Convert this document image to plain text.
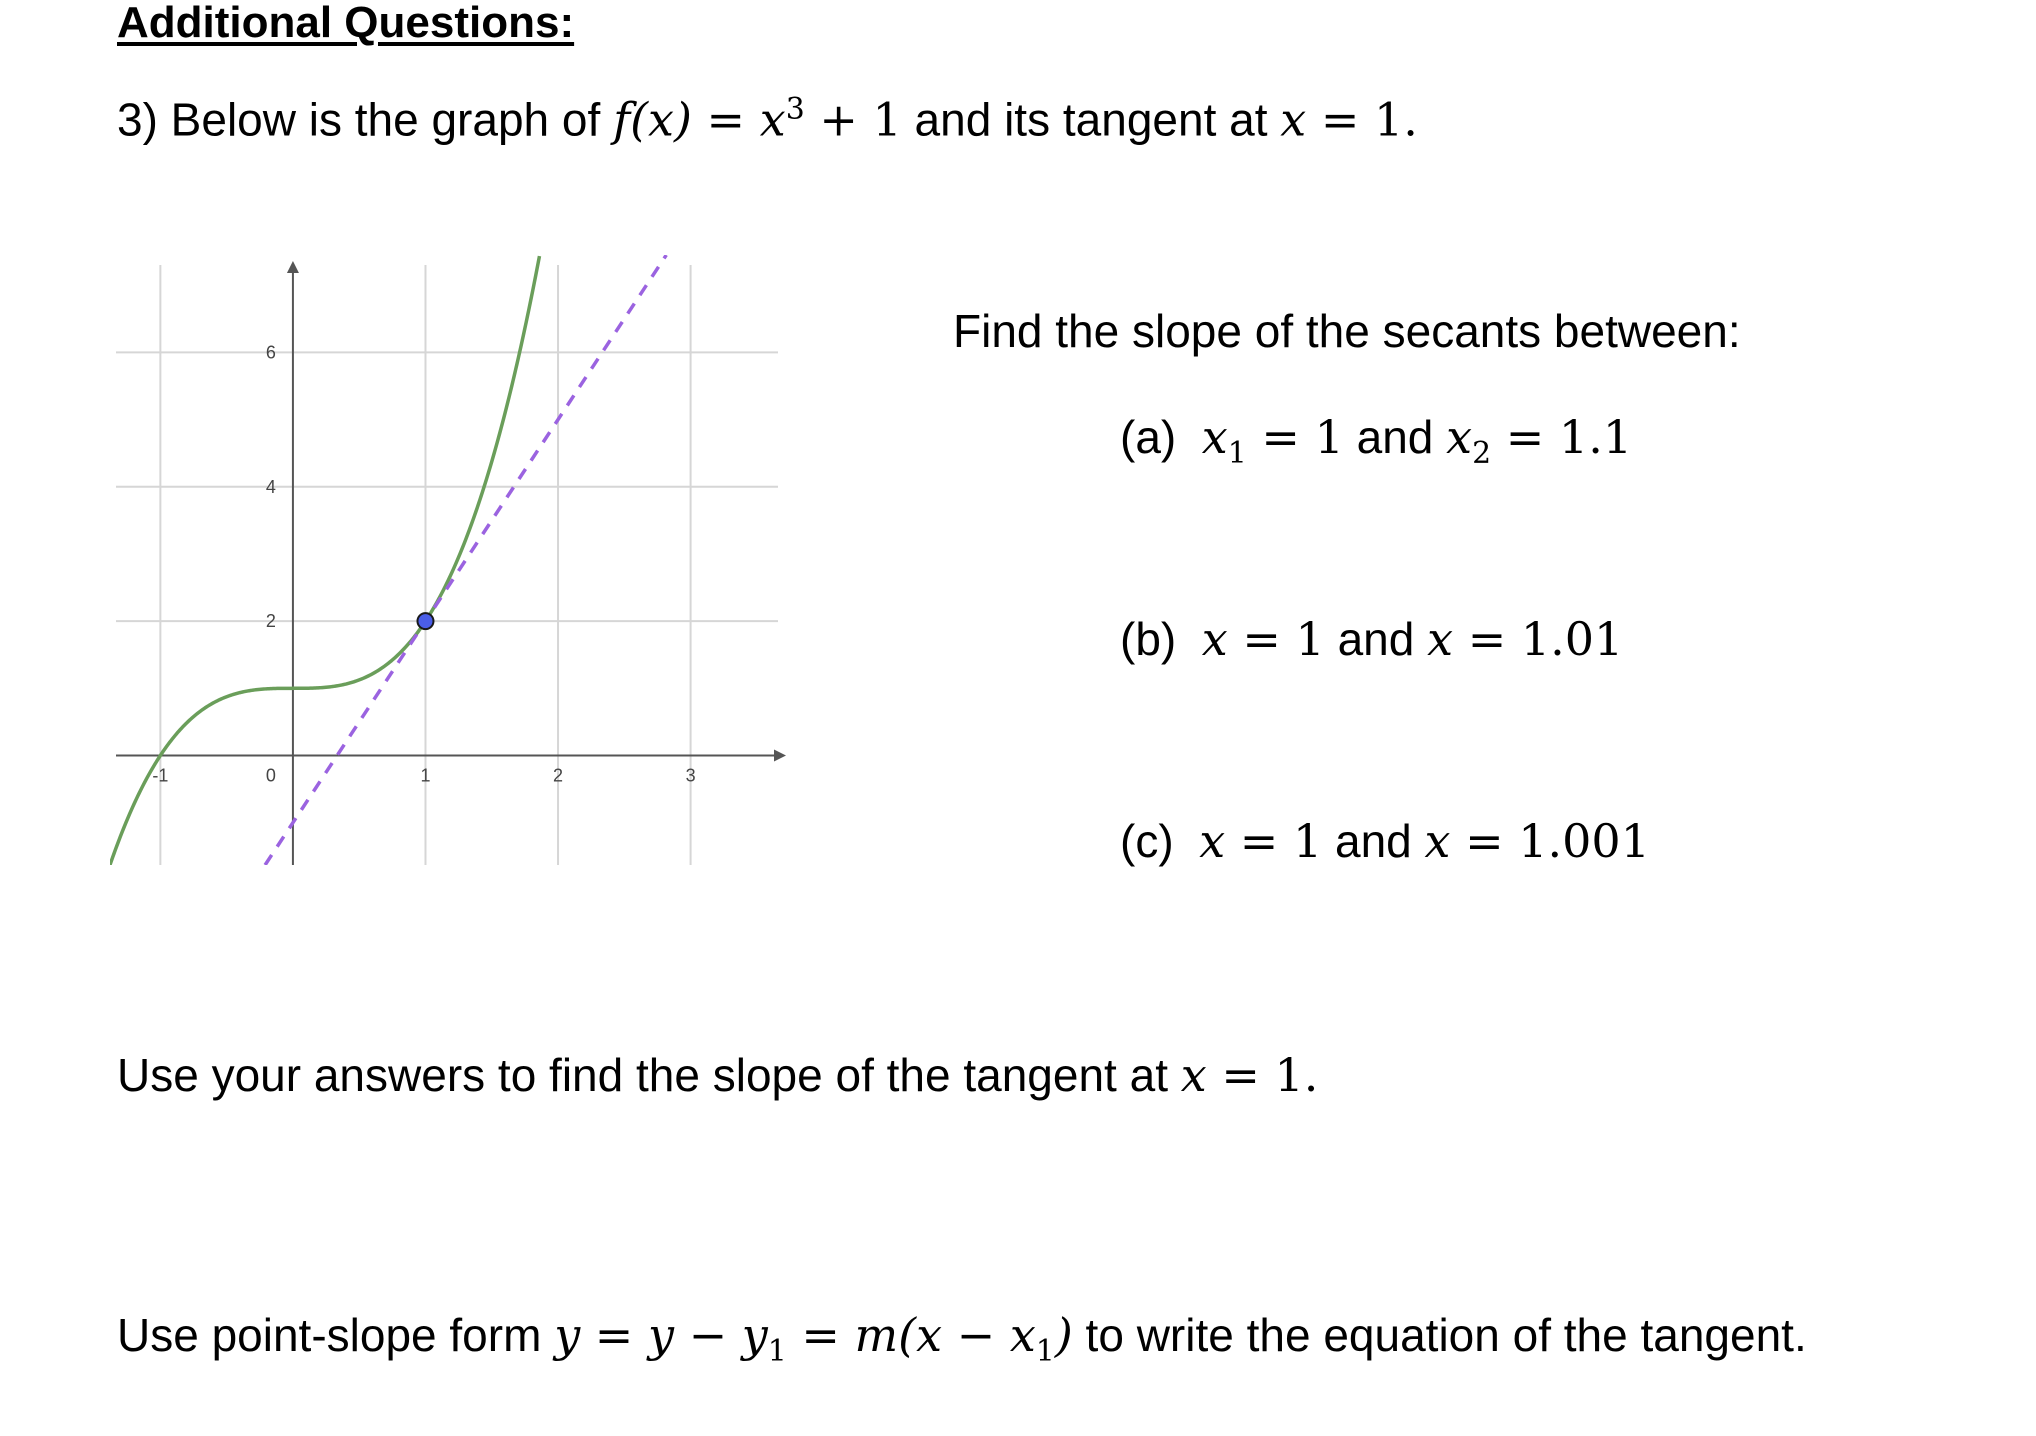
Additional Questions:
3) Below is the graph of $f(x) = x^3 + 1$ and its tangent at x = 1.
-1	0	1	2	3
2
4
6	Find the slope of the secants between:
(a) $x_1 = 1$ and $x_2 = 1.1$
(b) x = 1 and x = 1.01
(c) x = 1 and x = 1.001
Use your answers to find the slope of the tangent at x = 1.
Use point-slope form $y = y - y_1 = m(x - x_1)$ to write the equation of the tangent.
